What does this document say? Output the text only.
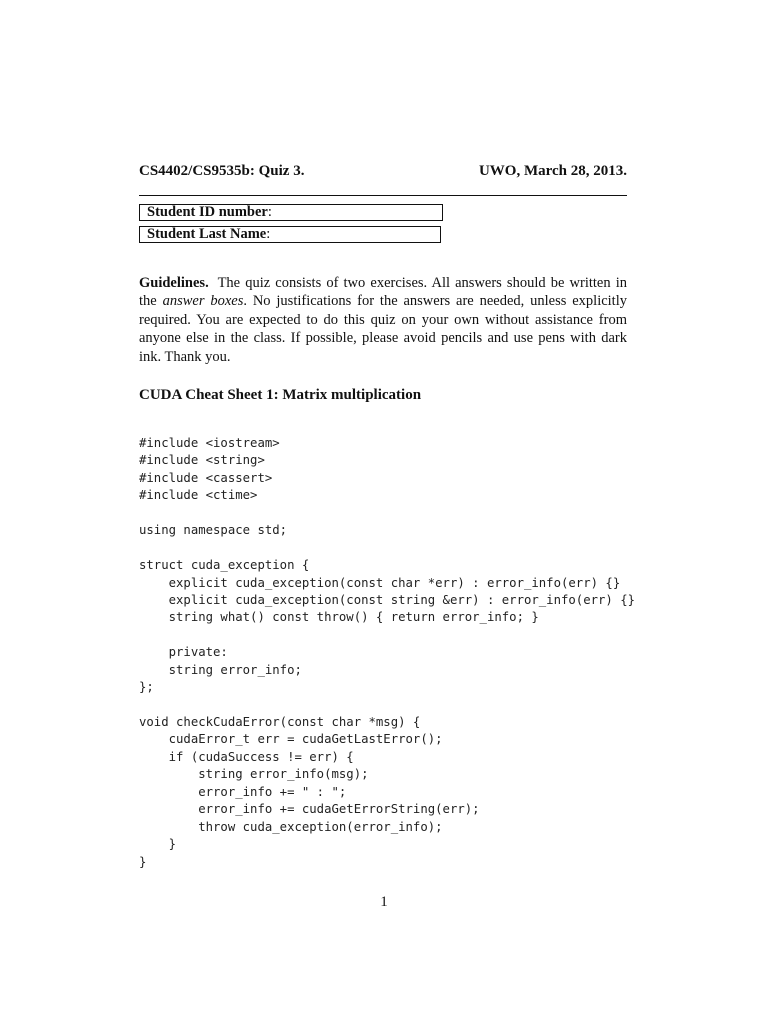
CS4402/CS9535b: Quiz 3.	UWO, March 28, 2013.
Student ID number:
Student Last Name:
Guidelines. The quiz consists of two exercises. All answers should be written in the answer boxes. No justifications for the answers are needed, unless explicitly required. You are expected to do this quiz on your own without assistance from anyone else in the class. If possible, please avoid pencils and use pens with dark ink. Thank you.
CUDA Cheat Sheet 1: Matrix multiplication
#include <iostream>
#include <string>
#include <cassert>
#include <ctime>
using namespace std;
struct cuda_exception {
explicit cuda_exception(const char *err) : error_info(err) {}
explicit cuda_exception(const string &err) : error_info(err) {}
string what() const throw() { return error_info; }
private:
string error_info;
};
void checkCudaError(const char *msg) {
cudaError_t err = cudaGetLastError();
if (cudaSuccess != err) {
string error_info(msg);
error_info += " : ";
error_info += cudaGetErrorString(err);
throw cuda_exception(error_info);
}
}
1
